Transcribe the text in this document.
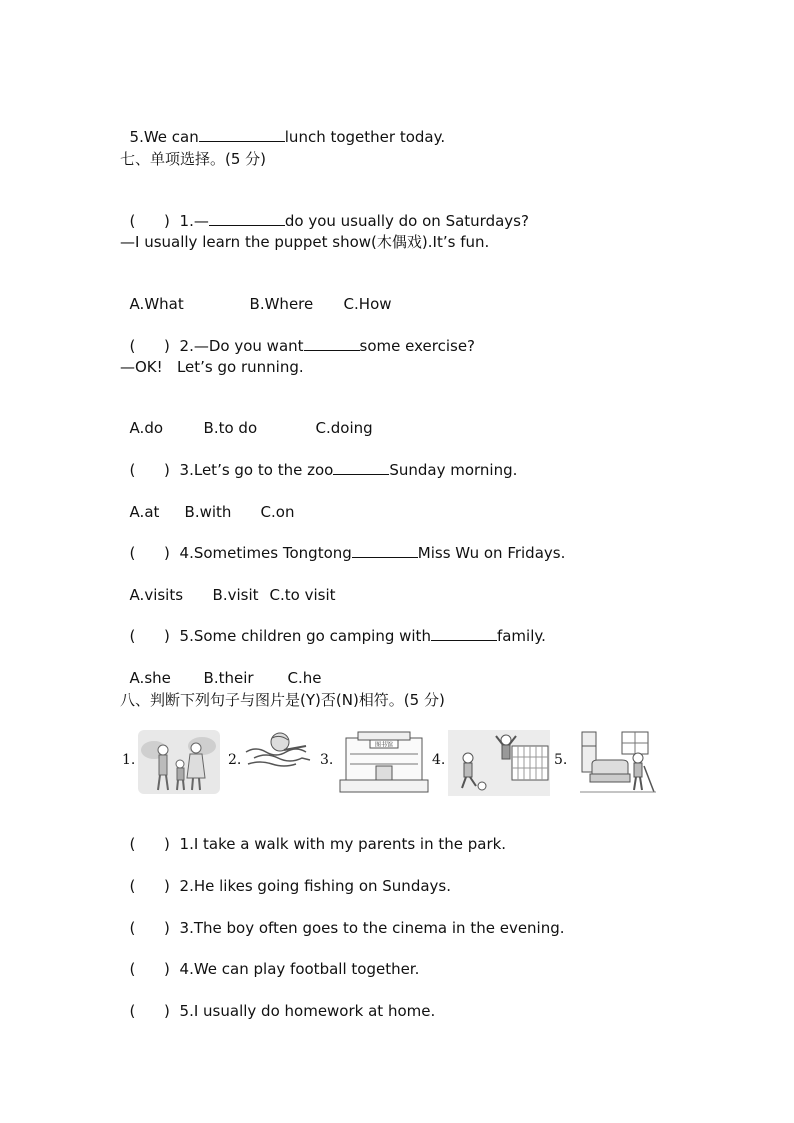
5.We can	lunch together today.

七、单项选择。(5 分)

( ) 1.—	do you usually do on Saturdays?

—I usually learn the puppet show(木偶戏).It’s fun.

A.What	B.Where C.How

( ) 2.—Do you want	some exercise?

—OK!   Let’s go running.

A.do	B.to do	C.doing

( ) 3.Let’s go to the zoo	Sunday morning.

A.at B.with C.on

( ) 4.Sometimes Tongtong	Miss Wu on Fridays.

A.visits B.visit C.to visit

( ) 5.Some children go camping with	family.

A.she B.their C.he

八、判断下列句子与图片是(Y)否(N)相符。(5 分)
1.	2.	3.
图书馆
4.	5.

( ) 1.I take a walk with my parents in the park.

( ) 2.He likes going fishing on Sundays.

( ) 3.The boy often goes to the cinema in the evening.

( ) 4.We can play football together.

( ) 5.I usually do homework at home.
